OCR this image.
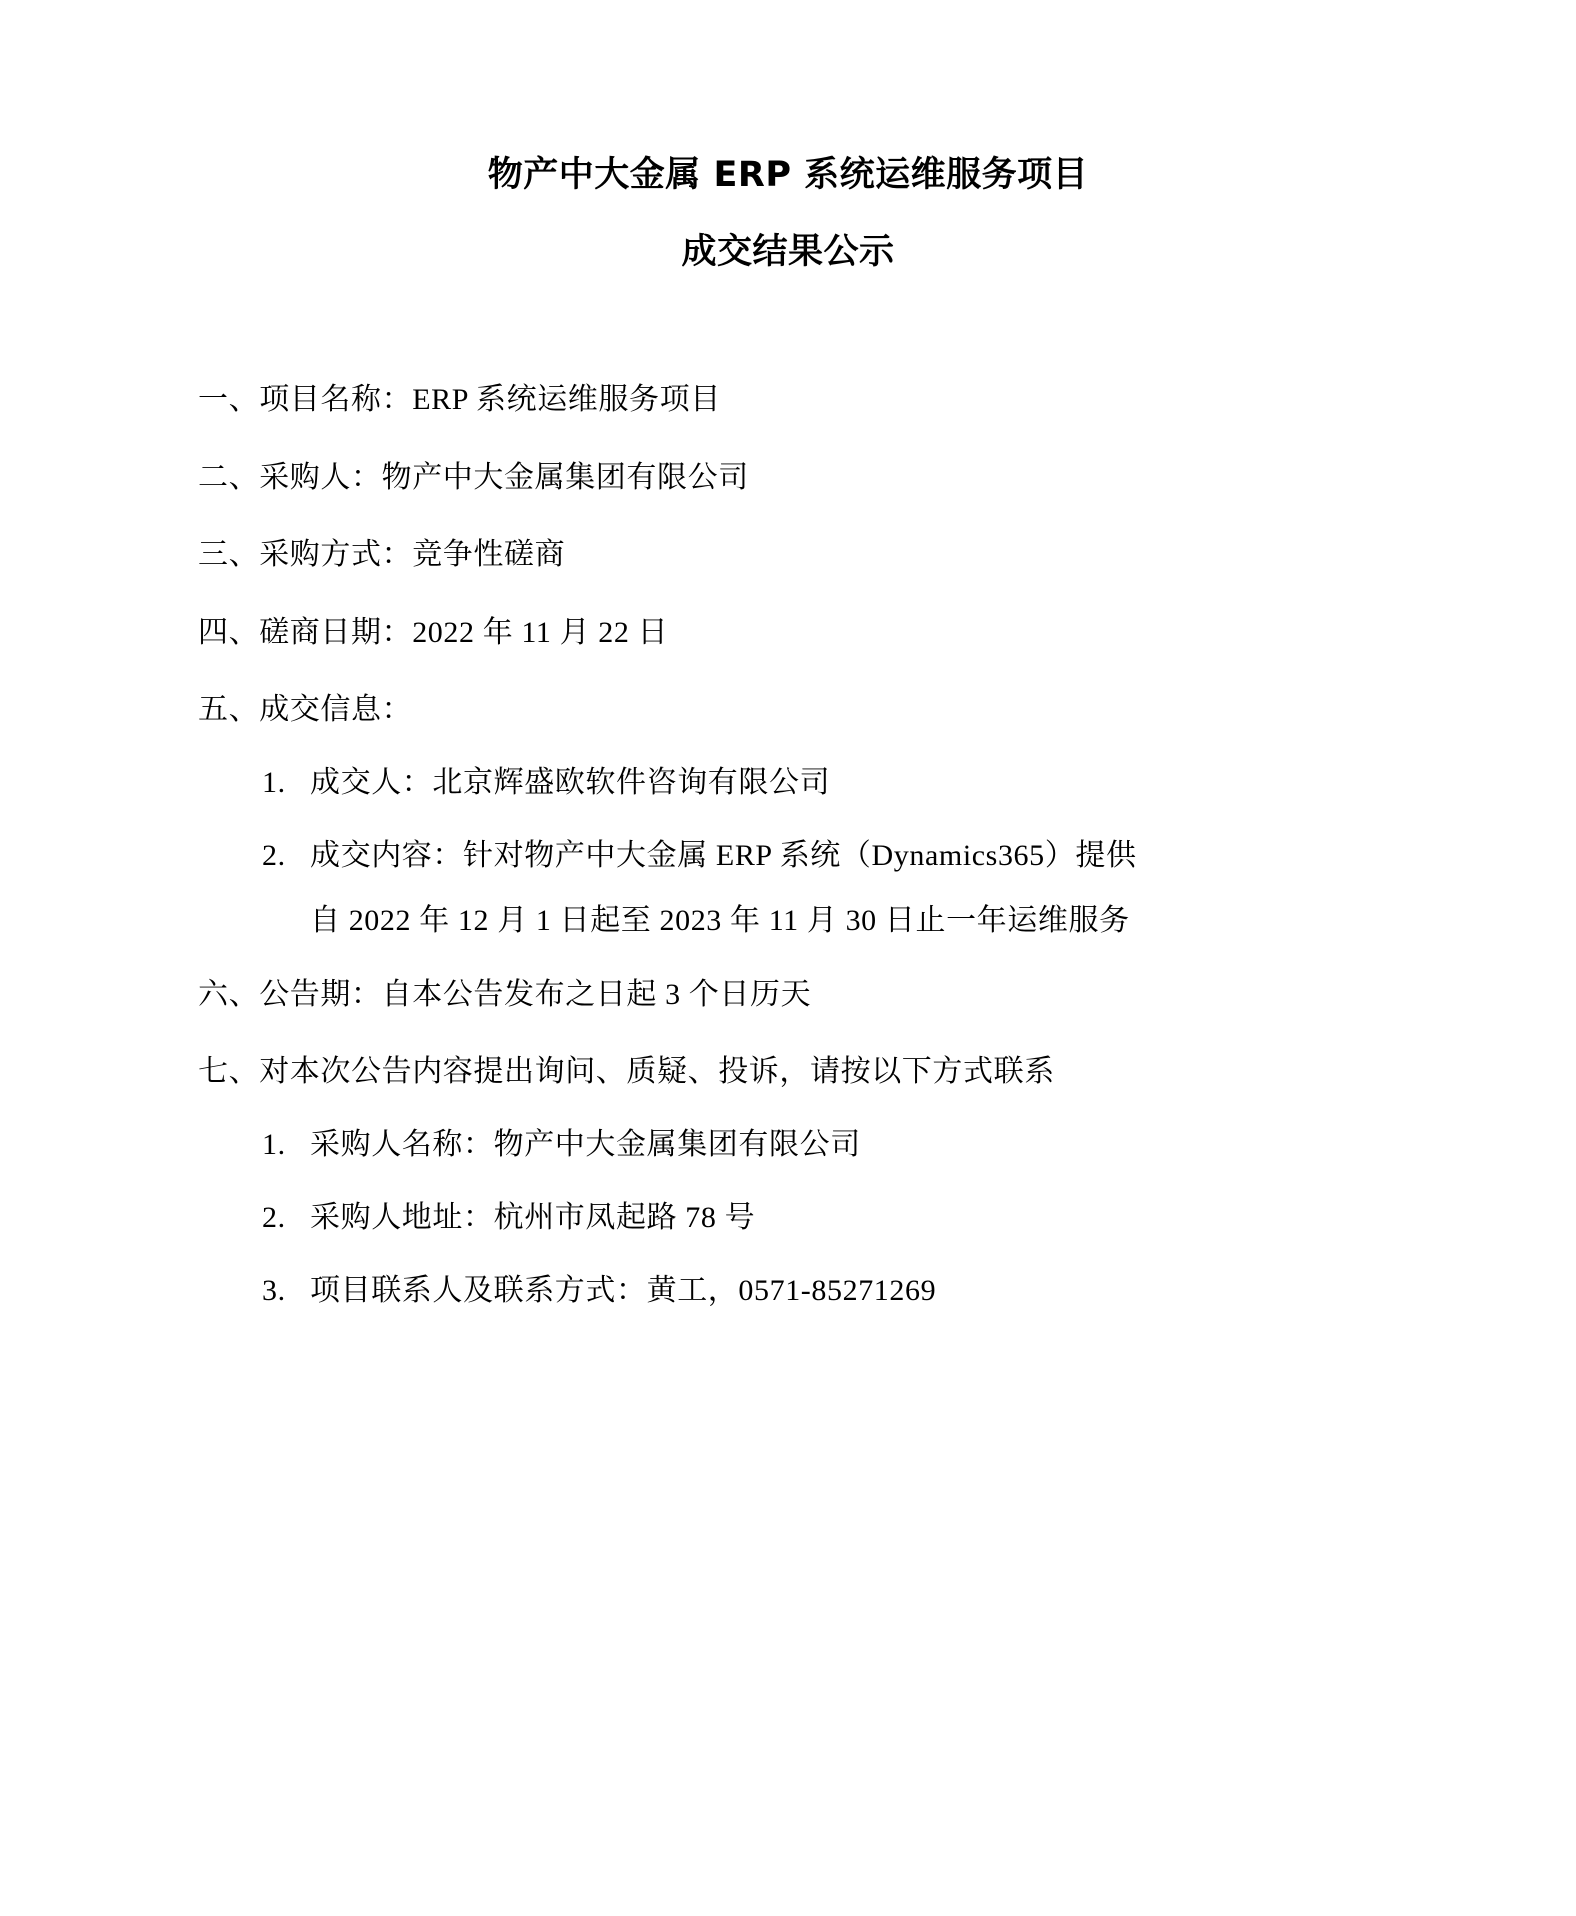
物产中大金属 ERP 系统运维服务项目
成交结果公示

一、项目名称：ERP 系统运维服务项目

二、采购人：物产中大金属集团有限公司

三、采购方式：竞争性磋商

四、磋商日期：2022 年 11 月 22 日

五、成交信息：

1. 成交人：北京辉盛欧软件咨询有限公司
2. 成交内容：针对物产中大金属 ERP 系统（Dynamics365）提供
自 2022 年 12 月 1 日起至 2023 年 11 月 30 日止一年运维服务

六、公告期：自本公告发布之日起 3 个日历天

七、对本次公告内容提出询问、质疑、投诉，请按以下方式联系

1. 采购人名称：物产中大金属集团有限公司
2. 采购人地址：杭州市凤起路 78 号
3. 项目联系人及联系方式：黄工，0571-85271269
